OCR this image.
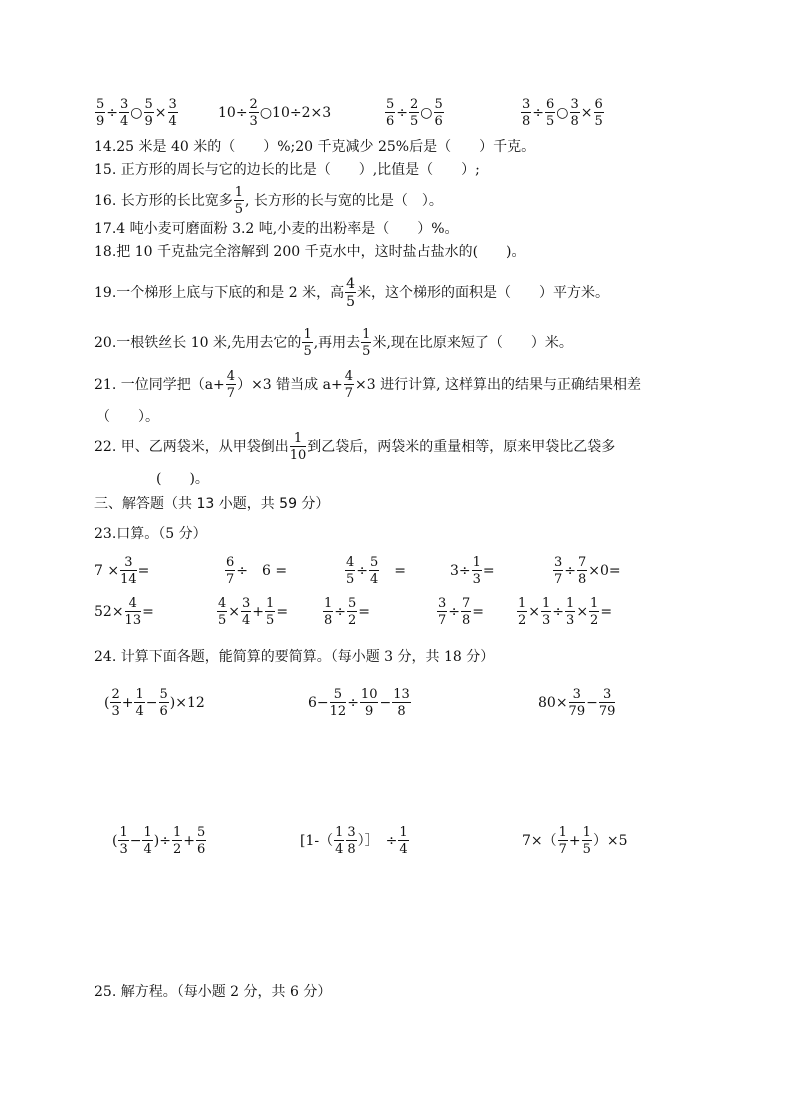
$\frac{5}{9} \div \frac{3}{4}$ ○ $\frac{5}{9} \times \frac{3}{4}$	$10\div \frac{2}{3}$ ○10÷2×3	$\frac{5}{6} \div \frac{2}{5}$ ○ $\frac{5}{6}$	$\frac{3}{8} \div \frac{6}{5}$ ○ $\frac{3}{8} \times \frac{6}{5}$
14.25 米是 40 米的（　　）%;20 千克减少 25%后是（　　）千克。
15. 正方形的周长与它的边长的比是（　　）,比值是（　　）;
16. 长方形的长比宽多 $\frac{1}{5}$ , 长方形的长与宽的比是（　）。
17.4 吨小麦可磨面粉 3.2 吨,小麦的出粉率是（　　）%。
18.把 10 千克盐完全溶解到 200 千克水中，这时盐占盐水的(　　)。
19.一个梯形上底与下底的和是 2 米，高 $\frac{4}{5}$ 米，这个梯形的面积是（　　）平方米。
20.一根铁丝长 10 米,先用去它的 $\frac{1}{5}$ ,再用去 $\frac{1}{5}$ 米,现在比原来短了（　　）米。
21. 一位同学把$(a+ \frac{4}{7} )\times 3$ 错当成 $a+ \frac{4}{7} \times 3$ 进行计算, 这样算出的结果与正确结果相差
（　　）。
22. 甲、乙两袋米，从甲袋倒出 $\frac{1}{10}$ 到乙袋后，两袋米的重量相等，原来甲袋比乙袋多
(　　)。
三、解答题（共 13 小题，共 59 分）
23.口算。（5 分）
$7 \times \frac{3}{14}$ =	$\frac{6}{7}$ ÷　6 =	$\frac{4}{5} \div \frac{5}{4}$ 　=	$3\div \frac{1}{3}$ =	$\frac{3}{7} \div \frac{7}{8} \times 0=$
$52\times \frac{4}{13}$ =	$\frac{4}{5} \times \frac{3}{4} + \frac{1}{5}$ =	$\frac{1}{8} \div \frac{5}{2}$ =	$\frac{3}{7} \div \frac{7}{8}$ =	$\frac{1}{2} \times \frac{1}{3} \div \frac{1}{3} \times \frac{1}{2}$ =
24. 计算下面各题，能简算的要简算。（每小题 3 分，共 18 分）
( $\frac{2}{3} + \frac{1}{4} - \frac{5}{6} )\times 12$	$6- \frac{5}{12} \div \frac{10}{9} - \frac{13}{8}$	$80\times \frac{3}{79} - \frac{3}{79}$
( $\frac{1}{3} - \frac{1}{4}$ )÷ $\frac{1}{2} + \frac{5}{6}$	[$1-( \frac{1}{4} \frac{3}{8}$ ）］　÷ $\frac{1}{4}$	$7\times( \frac{1}{7} + \frac{1}{5} )\times 5$
25. 解方程。（每小题 2 分，共 6 分）
